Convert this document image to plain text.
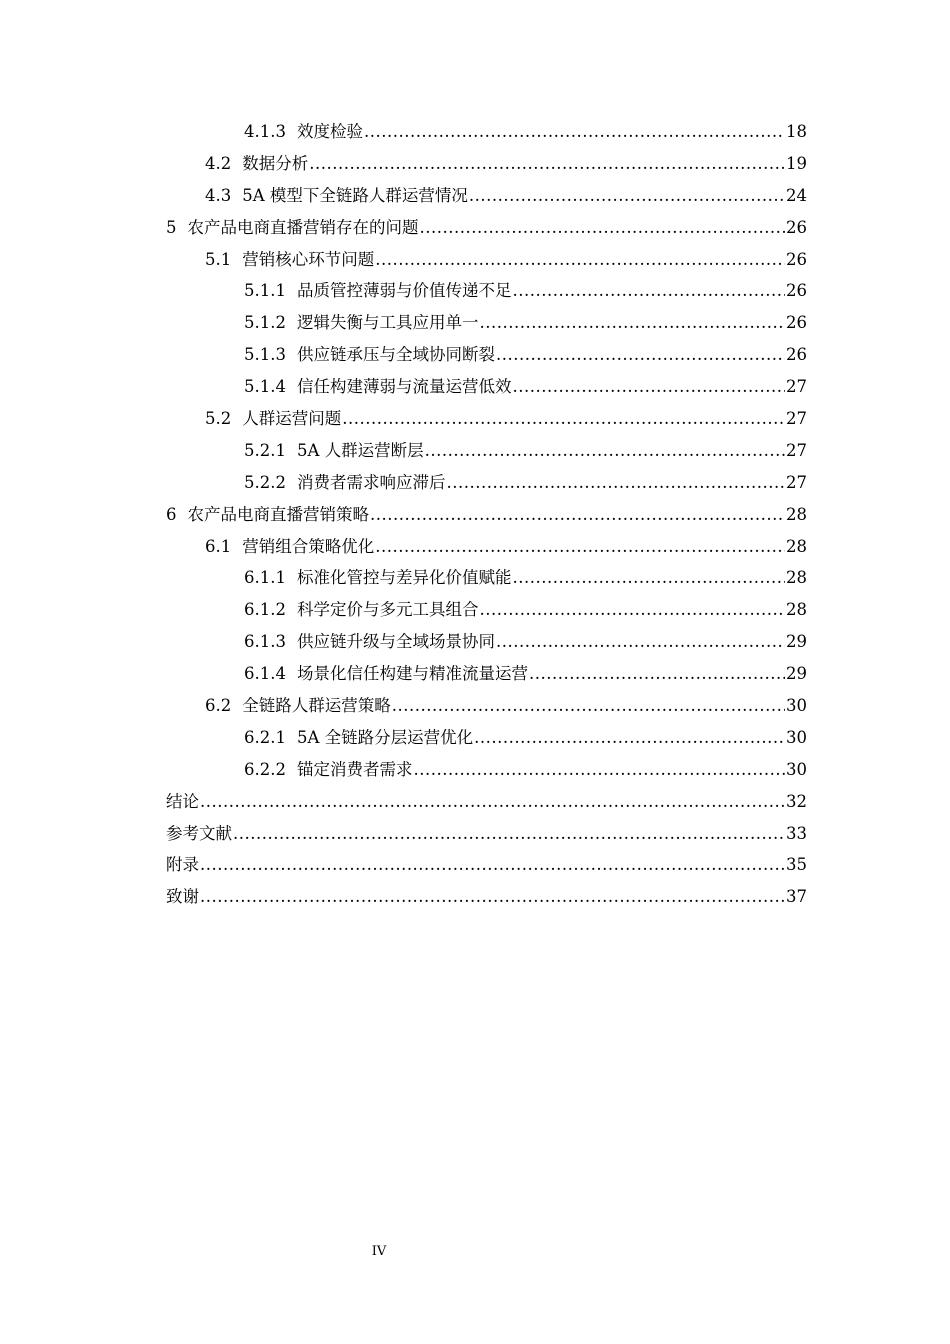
4.1.3 效度检验 .....	18
4.2 数据分析 .....	19
4.3 5A 模型下全链路人群运营情况 .....	24
5 农产品电商直播营销存在的问题 .....	26
5.1 营销核心环节问题 .....	26
5.1.1 品质管控薄弱与价值传递不足 .....	26
5.1.2 逻辑失衡与工具应用单一 .....	26
5.1.3 供应链承压与全域协同断裂 .....	26
5.1.4 信任构建薄弱与流量运营低效 .....	27
5.2 人群运营问题 .....	27
5.2.1 5A 人群运营断层 .....	27
5.2.2 消费者需求响应滞后 .....	27
6 农产品电商直播营销策略 .....	28
6.1 营销组合策略优化 .....	28
6.1.1 标准化管控与差异化价值赋能 .....	28
6.1.2 科学定价与多元工具组合 .....	28
6.1.3 供应链升级与全域场景协同 .....	29
6.1.4 场景化信任构建与精准流量运营 .....	29
6.2 全链路人群运营策略 .....	30
6.2.1 5A 全链路分层运营优化 .....	30
6.2.2 锚定消费者需求 .....	30
结论 .....	32
参考文献 .....	33
附录 .....	35
致谢 .....	37
IV
